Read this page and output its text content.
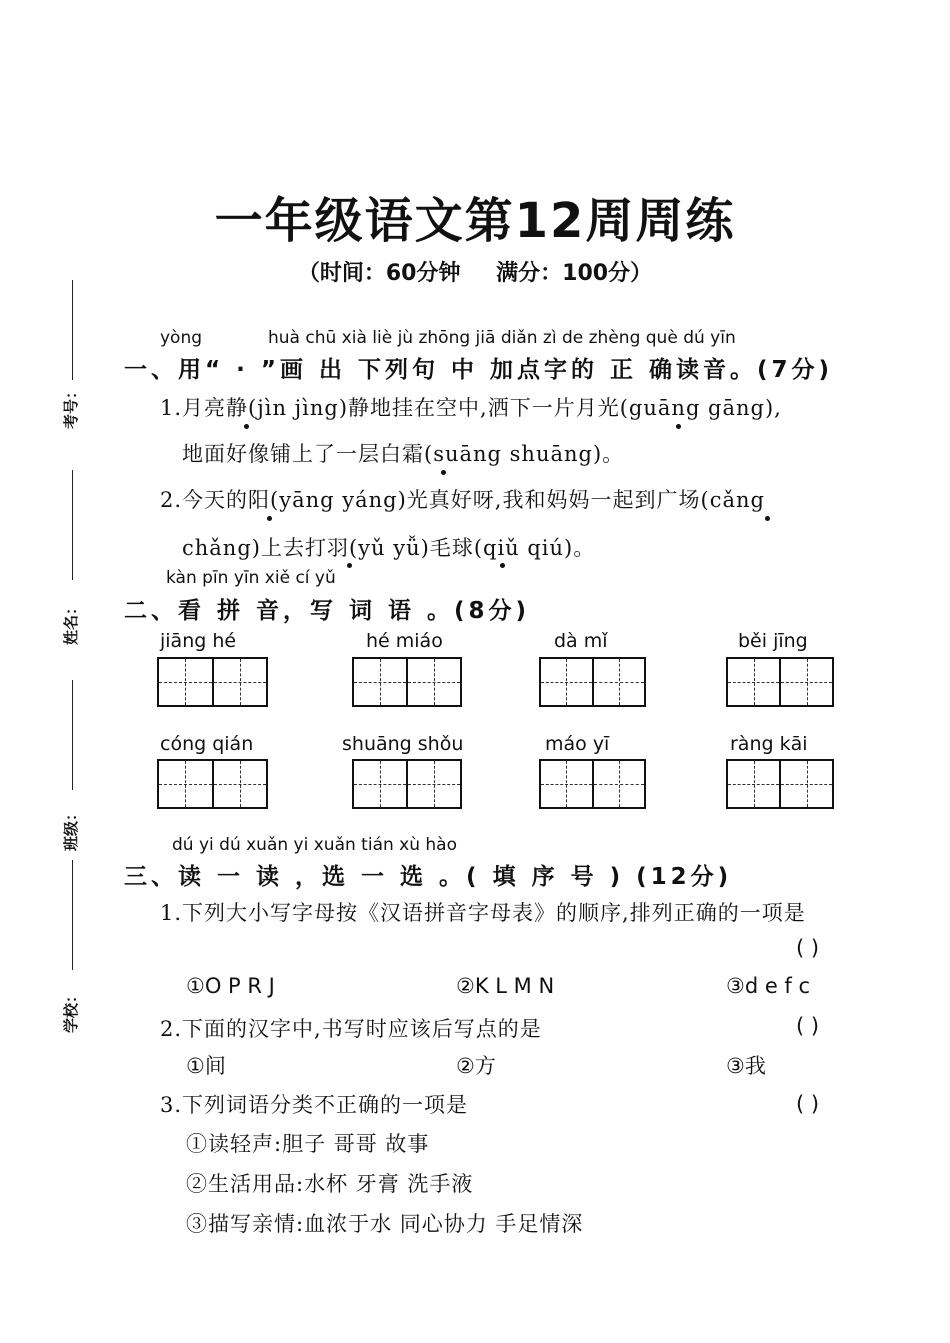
考号：
姓名：
班级：
学校：
一年级语文第12周周练
（时间：60分钟 满分：100分）
yòng	huà chū xià liè jù zhōng jiā diǎn zì de zhèng què dú yīn
一、用“ · ”画 出 下列句 中 加点字的 正 确读音。(7分)
1.月亮静(jìn jìng)静地挂在空中,洒下一片月光(guāng gāng),
地面好像铺上了一层白霜(suāng shuāng)。
2.今天的阳(yāng yáng)光真好呀,我和妈妈一起到广场(cǎng
chǎng)上去打羽(yǔ yǚ)毛球(qiǔ qiú)。
kàn pīn yīn xiě cí yǔ
二、看 拼 音，写 词 语 。(8分)
jiāng hé	hé miáo	dà mǐ	běi jīng
cóng qián	shuāng shǒu	máo yī	ràng kāi
dú yi dú xuǎn yi xuǎn tián xù hào
三、读 一 读 ，选 一 选 。( 填 序 号 ) (12分)
1.下列大小写字母按《汉语拼音字母表》的顺序,排列正确的一项是
( )
①O P R J	②K L M N	③d e f c
2.下面的汉字中,书写时应该后写点的是	( )
①间	②方	③我
3.下列词语分类不正确的一项是	( )
①读轻声:胆子 哥哥 故事
②生活用品:水杯 牙膏 洗手液
③描写亲情:血浓于水 同心协力 手足情深
